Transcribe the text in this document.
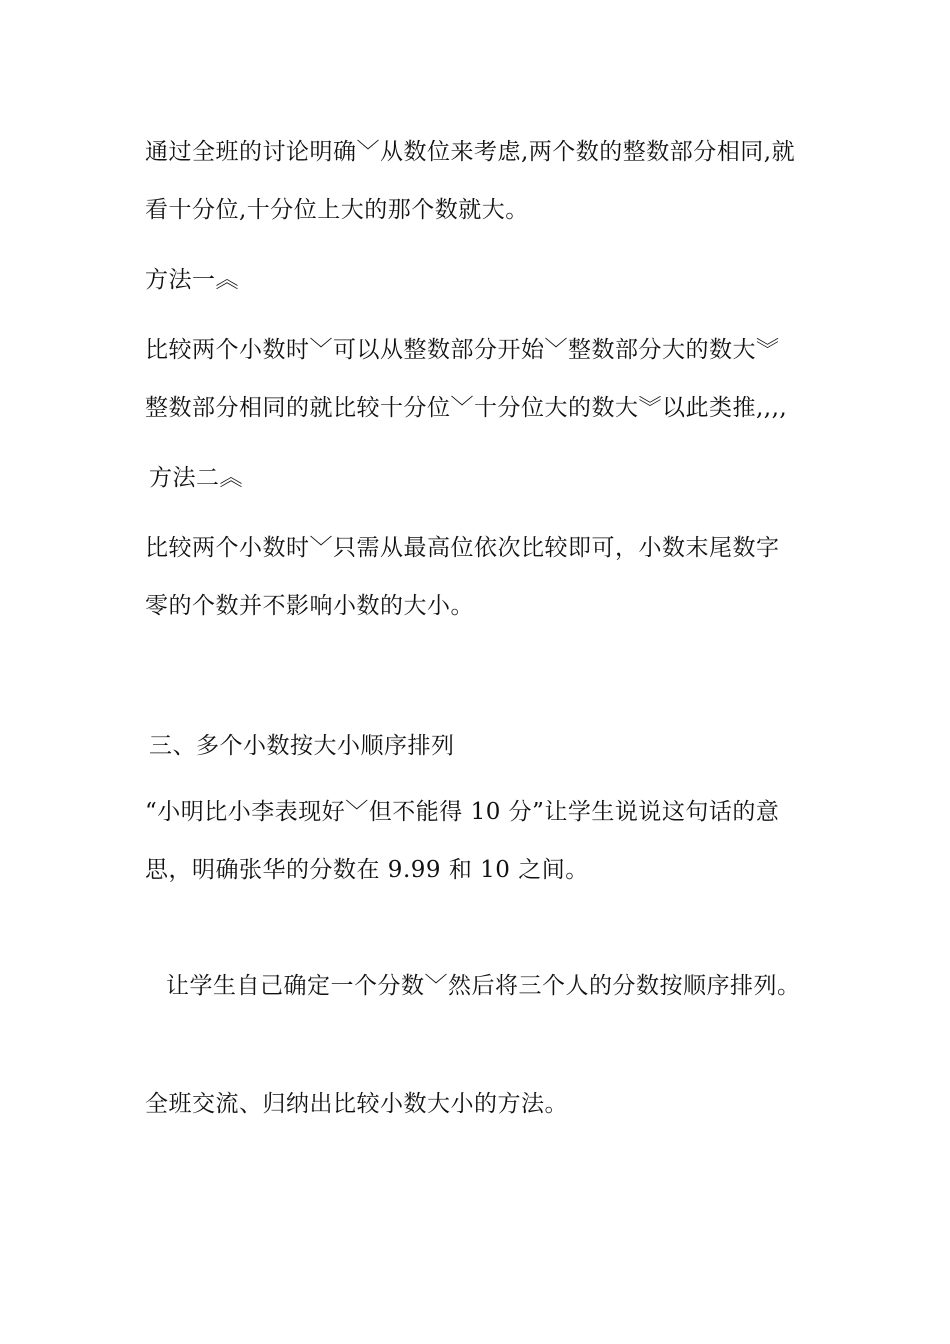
通过全班的讨论明确﹀从数位来考虑,两个数的整数部分相同,就
看十分位,十分位上大的那个数就大。
方法一︽
比较两个小数时﹀可以从整数部分开始﹀整数部分大的数大︾
整数部分相同的就比较十分位﹀十分位大的数大︾以此类推,,,,
方法二︽
比较两个小数时﹀只需从最高位依次比较即可，小数末尾数字
零的个数并不影响小数的大小。
三、多个小数按大小顺序排列
“小明比小李表现好﹀但不能得 10 分”让学生说说这句话的意
思，明确张华的分数在 9.99 和 10 之间。
让学生自己确定一个分数﹀然后将三个人的分数按顺序排列。
全班交流、归纳出比较小数大小的方法。
